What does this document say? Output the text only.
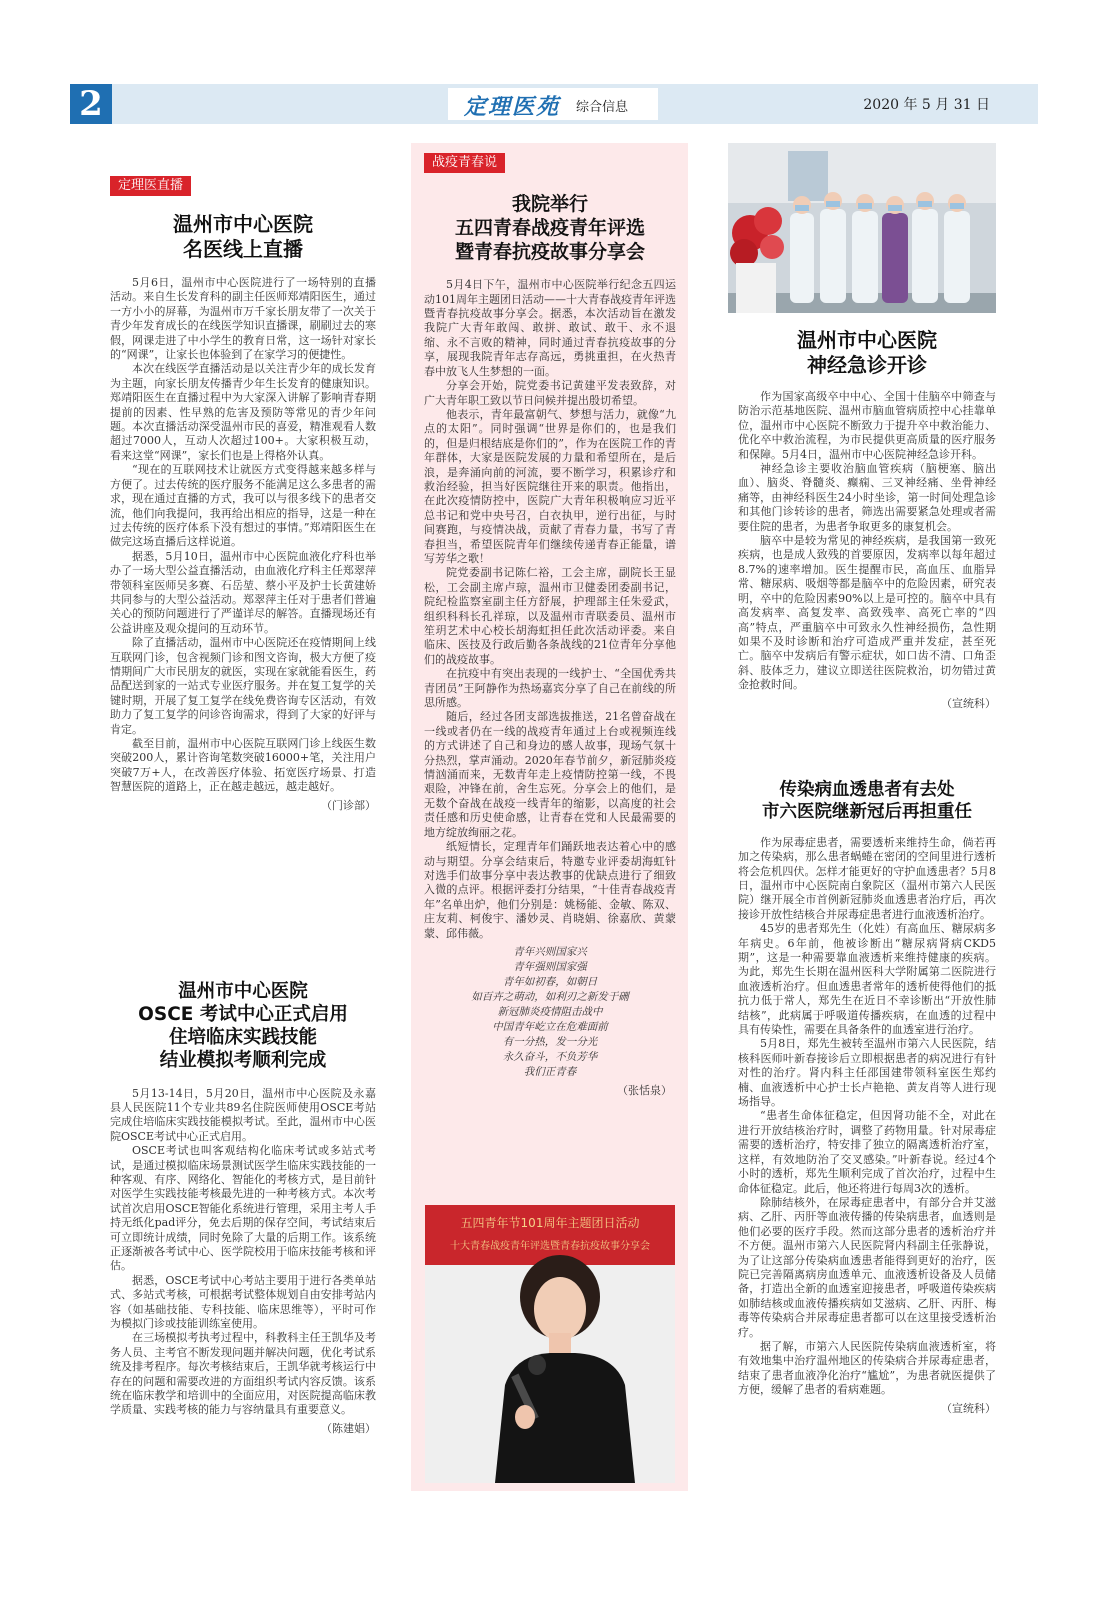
2	定理医苑 综合信息	2020 年 5 月 31 日
定理医直播
温州市中心医院
名医线上直播

5月6日，温州市中心医院进行了一场特别的直播活动。来自生长发育科的副主任医师郑靖阳医生，通过一方小小的屏幕，为温州市万千家长朋友带了一次关于青少年发育成长的在线医学知识直播课，刷刷过去的寒假，网课走进了中小学生的教育日常，这一场针对家长的“网课”，让家长也体验到了在家学习的便捷性。

本次在线医学直播活动是以关注青少年的成长发育为主题，向家长朋友传播青少年生长发育的健康知识。郑靖阳医生在直播过程中为大家深入讲解了影响青春期提前的因素、性早熟的危害及预防等常见的青少年问题。本次直播活动深受温州市民的喜爱，精准观看人数超过7000人，互动人次超过100+。大家积极互动，看来这堂“网课”，家长们也是上得格外认真。

“现在的互联网技术让就医方式变得越来越多样与方便了。过去传统的医疗服务不能满足这么多患者的需求，现在通过直播的方式，我可以与很多线下的患者交流，他们向我提问，我再给出相应的指导，这是一种在过去传统的医疗体系下没有想过的事情。”郑靖阳医生在做完这场直播后这样说道。

据悉，5月10日，温州市中心医院血液化疗科也举办了一场大型公益直播活动，由血液化疗科主任郑翠萍带领科室医师吴多赛、石岳堃、蔡小平及护士长黄建娇共同参与的大型公益活动。郑翠萍主任对于患者们普遍关心的预防问题进行了严谨详尽的解答。直播现场还有公益讲座及观众提问的互动环节。

除了直播活动，温州市中心医院还在疫情期间上线互联网门诊，包含视频门诊和图文咨询，极大方便了疫情期间广大市民朋友的就医，实现在家就能看医生，药品配送到家的一站式专业医疗服务。并在复工复学的关键时期，开展了复工复学在线免费咨询专区活动，有效助力了复工复学的问诊咨询需求，得到了大家的好评与肯定。

截至目前，温州市中心医院互联网门诊上线医生数突破200人，累计咨询笔数突破16000+笔，关注用户突破7万+人，在改善医疗体验、拓宽医疗场景、打造智慧医院的道路上，正在越走越远，越走越好。

（门诊部）
温州市中心医院
OSCE 考试中心正式启用
住培临床实践技能
结业模拟考顺利完成

5月13-14日，5月20日，温州市中心医院及永嘉县人民医院11个专业共89名住院医师使用OSCE考站完成住培临床实践技能模拟考试。至此，温州市中心医院OSCE考试中心正式启用。

OSCE考试也叫客观结构化临床考试或多站式考试，是通过模拟临床场景测试医学生临床实践技能的一种客观、有序、网络化、智能化的考核方式，是目前针对医学生实践技能考核最先进的一种考核方式。本次考试首次启用OSCE智能化系统进行管理，采用主考人手持无纸化pad评分，免去后期的保存空间，考试结束后可立即统计成绩，同时免除了大量的后期工作。该系统正逐渐被各考试中心、医学院校用于临床技能考核和评估。

据悉，OSCE考试中心考站主要用于进行各类单站式、多站式考核，可根据考试整体规划自由安排考站内容（如基础技能、专科技能、临床思维等），平时可作为模拟门诊或技能训练室使用。

在三场模拟考执考过程中，科教科主任王凯华及考务人员、主考官不断发现问题并解决问题，优化考试系统及排考程序。每次考核结束后，王凯华就考核运行中存在的问题和需要改进的方面组织考试内容反馈。该系统在临床教学和培训中的全面应用，对医院提高临床教学质量、实践考核的能力与容纳量具有重要意义。

（陈建娼）
战疫青春说
我院举行
五四青春战疫青年评选
暨青春抗疫故事分享会

5月4日下午，温州市中心医院举行纪念五四运动101周年主题团日活动——十大青春战疫青年评选暨青春抗疫故事分享会。据悉，本次活动旨在激发我院广大青年敢闯、敢拼、敢试、敢干、永不退缩、永不言败的精神，同时通过青春抗疫故事的分享，展现我院青年志存高远，勇挑重担，在火热青春中放飞人生梦想的一面。

分享会开始，院党委书记黄建平发表致辞，对广大青年职工致以节日问候并提出殷切希望。

他表示，青年最富朝气、梦想与活力，就像“九点的太阳”。同时强调“世界是你们的，也是我们的，但是归根结底是你们的”，作为在医院工作的青年群体，大家是医院发展的力量和希望所在，是后浪，是奔涌向前的河流，要不断学习，积累诊疗和救治经验，担当好医院继往开来的职责。他指出，在此次疫情防控中，医院广大青年积极响应习近平总书记和党中央号召，白衣执甲，逆行出征，与时间赛跑，与疫情决战，贡献了青春力量，书写了青春担当，希望医院青年们继续传递青春正能量，谱写芳华之歌！

院党委副书记陈仁裕，工会主席，副院长王显松，工会副主席卢琼，温州市卫健委团委副书记，院纪检监察室副主任方舒展，护理部主任朱爱武，组织科科长孔祥琼，以及温州市青联委员、温州市笙玥艺术中心校长胡海虹担任此次活动评委。来自临床、医技及行政后勤各条战线的21位青年分享他们的战疫故事。

在抗疫中有突出表现的一线护士、“全国优秀共青团员”王阿静作为热场嘉宾分享了自己在前线的所思所感。

随后，经过各团支部选拔推送，21名曾奋战在一线或者仍在一线的战疫青年通过上台或视频连线的方式讲述了自己和身边的感人故事，现场气氛十分热烈，掌声涌动。2020年春节前夕，新冠肺炎疫情汹涌而来，无数青年走上疫情防控第一线，不畏艰险，冲锋在前，舍生忘死。分享会上的他们，是无数个奋战在战疫一线青年的缩影，以高度的社会责任感和历史使命感，让青春在党和人民最需要的地方绽放绚丽之花。

纸短情长，定理青年们踊跃地表达着心中的感动与期望。分享会结束后，特邀专业评委胡海虹针对选手们故事分享中表达教事的优缺点进行了细致入微的点评。根据评委打分结果，“十佳青春战疫青年”名单出炉，他们分别是：姚杨能、金敏、陈双、庄友莉、柯俊宇、潘妙灵、肖晓娟、徐嘉欣、黄蒙蒙、邱伟薇。

青年兴则国家兴
青年强则国家强
青年如初春，如朝日
如百卉之萌动，如利刃之新发于硎
新冠肺炎疫情阻击战中
中国青年屹立在危难面前
有一分热，发一分光
永久奋斗，不负芳华
我们正青春
（张恬泉）
五四青年节101周年主题团日活动
十大青春战疫青年评选暨青春抗疫故事分享会
温州市中心医院
神经急诊开诊

作为国家高级卒中中心、全国十佳脑卒中筛查与防治示范基地医院、温州市脑血管病质控中心挂靠单位，温州市中心医院不断致力于提升卒中救治能力、优化卒中救治流程，为市民提供更高质量的医疗服务和保障。5月4日，温州市中心医院神经急诊开科。

神经急诊主要收治脑血管疾病（脑梗塞、脑出血）、脑炎、脊髓炎、癫痫、三叉神经痛、坐骨神经痛等，由神经科医生24小时坐诊，第一时间处理急诊和其他门诊转诊的患者，筛选出需要紧急处理或者需要住院的患者，为患者争取更多的康复机会。

脑卒中是较为常见的神经疾病，是我国第一致死疾病，也是成人致残的首要原因，发病率以每年超过8.7%的速率增加。医生提醒市民，高血压、血脂异常、糖尿病、吸烟等都是脑卒中的危险因素，研究表明，卒中的危险因素90%以上是可控的。脑卒中具有高发病率、高复发率、高致残率、高死亡率的“四高”特点，严重脑卒中可致永久性神经损伤，急性期如果不及时诊断和治疗可造成严重并发症，甚至死亡。脑卒中发病后有警示症状，如口齿不清、口角歪斜、肢体乏力，建议立即送往医院救治，切勿错过黄金抢救时间。

（宣统科）
传染病血透患者有去处
市六医院继新冠后再担重任

作为尿毒症患者，需要透析来维持生命，倘若再加之传染病，那么患者蜗蜷在密闭的空间里进行透析将会危机四伏。怎样才能更好的守护血透患者？5月8日，温州市中心医院南白象院区（温州市第六人民医院）继开展全市首例新冠肺炎血透患者治疗后，再次接诊开放性结核合并尿毒症患者进行血液透析治疗。

45岁的患者郑先生（化姓）有高血压、糖尿病多年病史。6年前，他被诊断出“糖尿病肾病CKD5期”，这是一种需要靠血液透析来维持健康的疾病。为此，郑先生长期在温州医科大学附属第二医院进行血液透析治疗。但血透患者常年的透析使得他们的抵抗力低于常人，郑先生在近日不幸诊断出“开放性肺结核”，此病属于呼吸道传播疾病，在血透的过程中具有传染性，需要在具备条件的血透室进行治疗。

5月8日，郑先生被转至温州市第六人民医院，结核科医师叶新春接诊后立即根据患者的病况进行有针对性的治疗。肾内科主任邵国建带领科室医生郑约楠、血液透析中心护士长卢艳艳、黄友肖等人进行现场指导。

“患者生命体征稳定，但因肾功能不全，对此在进行开放结核治疗时，调整了药物用量。针对尿毒症需要的透析治疗，特安排了独立的隔离透析治疗室，这样，有效地防治了交叉感染。”叶新春说。经过4个小时的透析，郑先生顺利完成了首次治疗，过程中生命体征稳定。此后，他还将进行每周3次的透析。

除肺结核外，在尿毒症患者中，有部分合并艾滋病、乙肝、丙肝等血液传播的传染病患者，血透则是他们必要的医疗手段。然而这部分患者的透析治疗并不方便。温州市第六人民医院肾内科副主任张静说，为了让这部分传染病血透患者能得到更好的治疗，医院已完善隔离病房血透单元、血液透析设备及人员储备，打造出全新的血透室迎接患者，呼吸道传染疾病如肺结核或血液传播疾病如艾滋病、乙肝、丙肝、梅毒等传染病合并尿毒症患者都可以在这里接受透析治疗。

据了解，市第六人民医院传染病血液透析室，将有效地集中治疗温州地区的传染病合并尿毒症患者，结束了患者血液净化治疗“尴尬”，为患者就医提供了方便，缓解了患者的看病难题。

（宣统科）
